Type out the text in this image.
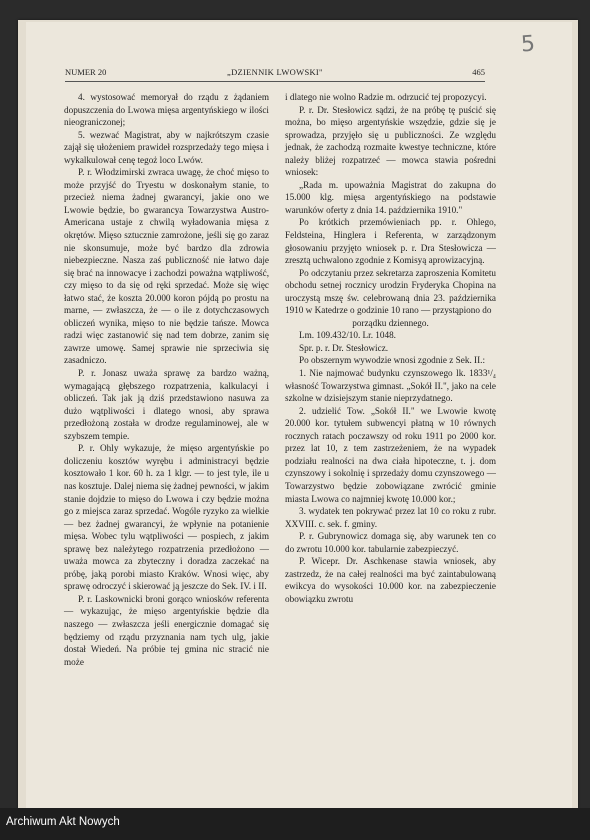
5
NUMER 20	„DZIENNIK LWOWSKI"	465

4. wystosować memoryał do rządu z żądaniem dopuszczenia do Lwowa mięsa argentyńskiego w ilości nieograniczonej;

5. wezwać Magistrat, aby w najkrótszym czasie zajął się ułożeniem prawideł rozsprzedaży tego mięsa i wykalkulował cenę tegoż loco Lwów.

P. r. Włodzimirski zwraca uwagę, że choć mięso to może przyjść do Tryestu w doskonałym stanie, to przecież niema żadnej gwarancyi, jakie ono we Lwowie będzie, bo gwarancya Towarzystwa Austro-Americana ustaje z chwilą wyładowania mięsa z okrętów. Mięso sztucznie zamrożone, jeśli się go zaraz nie skonsumuje, może być bardzo dla zdrowia niebezpieczne. Nasza zaś publiczność nie łatwo daje się brać na innowacye i zachodzi poważna wątpliwość, czy mięso to da się od ręki sprzedać. Może się więc łatwo stać, że koszta 20.000 koron pójdą po prostu na marne, — zwłaszcza, że — o ile z dotychczasowych obliczeń wynika, mięso to nie będzie tańsze. Mowca radzi więc zastanowić się nad tem dobrze, zanim się zawrze umowę. Samej sprawie nie sprzeciwia się zasadniczo.

P. r. Jonasz uważa sprawę za bardzo ważną, wymagającą głębszego rozpatrzenia, kalkulacyi i obliczeń. Tak jak ją dziś przedstawiono nasuwa za dużo wątpliwości i dlatego wnosi, aby sprawa przedłożoną została w drodze regulaminowej, ale w szybszem tempie.

P. r. Ohly wykazuje, że mięso argentyńskie po doliczeniu kosztów wyrębu i administracyi będzie kosztowało 1 kor. 60 h. za 1 klgr. — to jest tyle, ile u nas kosztuje. Dalej niema się żadnej pewności, w jakim stanie dojdzie to mięso do Lwowa i czy będzie można go z miejsca zaraz sprzedać. Wogóle ryzyko za wielkie — bez żadnej gwarancyi, że wpłynie na potanienie mięsa. Wobec tylu wątpliwości — pospiech, z jakim sprawę bez należytego rozpatrzenia przedłożono — uważa mowca za zbyteczny i doradza zaczekać na próbę, jaką porobi miasto Kraków. Wnosi więc, aby sprawę odroczyć i skierować ją jeszcze do Sek. IV. i II.

P. r. Laskownicki broni gorąco wniosków referenta — wykazując, że mięso argentyńskie będzie dla naszego — zwłaszcza jeśli energicznie domagać się będziemy od rządu przyznania nam tych ulg, jakie dostał Wiedeń. Na próbie tej gmina nic stracić nie może

i dlatego nie wolno Radzie m. odrzucić tej propozycyi.

P. r. Dr. Stesłowicz sądzi, że na próbę tę puścić się można, bo mięso argentyńskie wszędzie, gdzie się je sprowadza, przyjęło się u publiczności. Ze względu jednak, że zachodzą rozmaite kwestye techniczne, które należy bliżej rozpatrzeć — mowca stawia pośredni wniosek:

„Rada m. upoważnia Magistrat do zakupna do 15.000 klg. mięsa argentyńskiego na podstawie warunków oferty z dnia 14. października 1910."

Po krótkich przemówieniach pp. r. Ohlego, Feldsteina, Hinglera i Referenta, w zarządzonym głosowaniu przyjęto wniosek p. r. Dra Stesłowicza — zresztą uchwalono zgodnie z Komisyą aprowizacyjną.

Po odczytaniu przez sekretarza zaproszenia Komitetu obchodu setnej rocznicy urodzin Fryderyka Chopina na uroczystą mszę św. celebrowaną dnia 23. października 1910 w Katedrze o godzinie 10 rano — przystąpiono do

porządku dziennego.

Lm. 109.432/10. Lr. 1048.

Spr. p. r. Dr. Stesłowicz.

Po obszernym wywodzie wnosi zgodnie z Sek. II.:

1. Nie najmować budynku czynszowego lk. 1833¹/₄ własność Towarzystwa gimnast. „Sokół II.", jako na cele szkolne w dzisiejszym stanie nieprzydatnego.

2. udzielić Tow. „Sokół II." we Lwowie kwotę 20.000 kor. tytułem subwencyi płatną w 10 równych rocznych ratach poczawszy od roku 1911 po 2000 kor. przez lat 10, z tem zastrzeżeniem, że na wypadek podziału realności na dwa ciała hipoteczne, t. j. dom czynszowy i sokolnię i sprzedaży domu czynszowego — Towarzystwo będzie zobowiązane zwrócić gminie miasta Lwowa co najmniej kwotę 10.000 kor.;

3. wydatek ten pokrywać przez lat 10 co roku z rubr. XXVIII. c. sek. f. gminy.

P. r. Gubrynowicz domaga się, aby warunek ten co do zwrotu 10.000 kor. tabularnie zabezpieczyć.

P. Wicepr. Dr. Aschkenase stawia wniosek, aby zastrzedz, że na całej realności ma być zaintabulowaną ewikcya do wysokości 10.000 kor. na zabezpieczenie obowiązku zwrotu

Archiwum Akt Nowych
